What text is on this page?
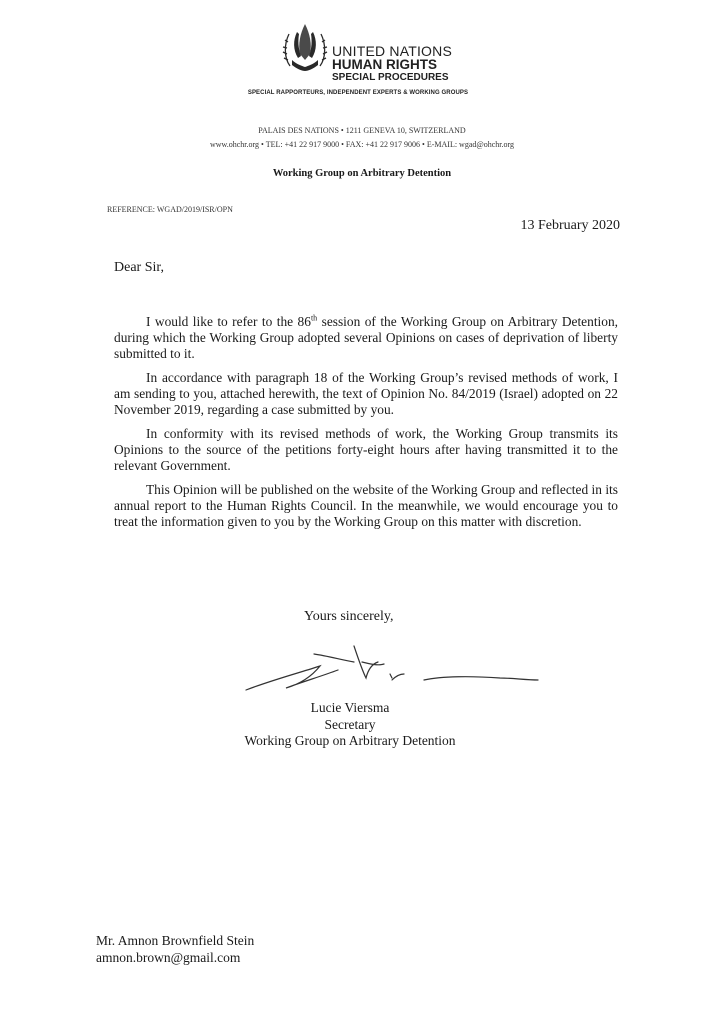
UNITED NATIONS
HUMAN RIGHTS
SPECIAL PROCEDURES
SPECIAL RAPPORTEURS, INDEPENDENT EXPERTS & WORKING GROUPS
PALAIS DES NATIONS • 1211 GENEVA 10, SWITZERLAND
www.ohchr.org • TEL: +41 22 917 9000 • FAX: +41 22 917 9006 • E-MAIL: wgad@ohchr.org
Working Group on Arbitrary Detention
REFERENCE: WGAD/2019/ISR/OPN
13 February 2020
Dear Sir,

I would like to refer to the 86th session of the Working Group on Arbitrary Detention, during which the Working Group adopted several Opinions on cases of deprivation of liberty submitted to it.

In accordance with paragraph 18 of the Working Group’s revised methods of work, I am sending to you, attached herewith, the text of Opinion No. 84/2019 (Israel) adopted on 22 November 2019, regarding a case submitted by you.

In conformity with its revised methods of work, the Working Group transmits its Opinions to the source of the petitions forty-eight hours after having transmitted it to the relevant Government.

This Opinion will be published on the website of the Working Group and reflected in its annual report to the Human Rights Council. In the meanwhile, we would encourage you to treat the information given to you by the Working Group on this matter with discretion.

Yours sincerely,
Lucie Viersma
Secretary
Working Group on Arbitrary Detention
Mr. Amnon Brownfield Stein
amnon.brown@gmail.com
